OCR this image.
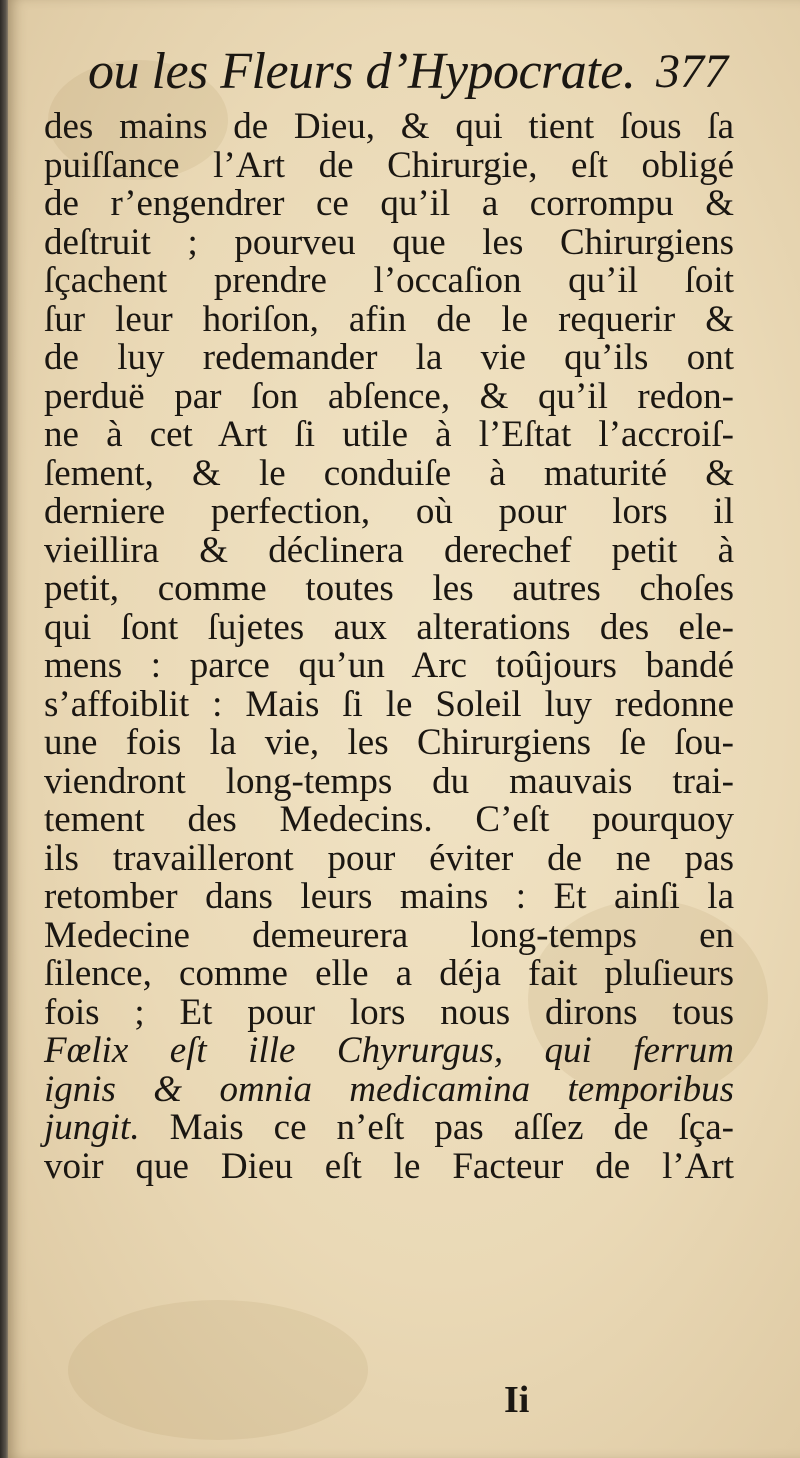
ou les Fleurs d’Hypocrate. 377
des mains de Dieu, & qui tient ſous ſa
puiſſance l’Art de Chirurgie, eſt obligé
de r’engendrer ce qu’il a corrompu &
deſtruit ; pourveu que les Chirurgiens
ſçachent prendre l’occaſion qu’il ſoit
ſur leur horiſon, afin de le requerir &
de luy redemander la vie qu’ils ont
perduë par ſon abſence, & qu’il redon-
ne à cet Art ſi utile à l’Eſtat l’accroiſ-
ſement, & le conduiſe à maturité &
derniere perfection, où pour lors il
vieillira & déclinera derechef petit à
petit, comme toutes les autres choſes
qui ſont ſujetes aux alterations des ele-
mens : parce qu’un Arc toûjours bandé
s’affoiblit : Mais ſi le Soleil luy redonne
une fois la vie, les Chirurgiens ſe ſou-
viendront long-temps du mauvais trai-
tement des Medecins. C’eſt pourquoy
ils travailleront pour éviter de ne pas
retomber dans leurs mains : Et ainſi la
Medecine demeurera long-temps en
ſilence, comme elle a déja fait pluſieurs
fois ; Et pour lors nous dirons tous
Fœlix eſt ille Chyrurgus, qui ferrum
ignis & omnia medicamina temporibus
jungit. Mais ce n’eſt pas aſſez de ſça-
voir que Dieu eſt le Facteur de l’Art
Ii
